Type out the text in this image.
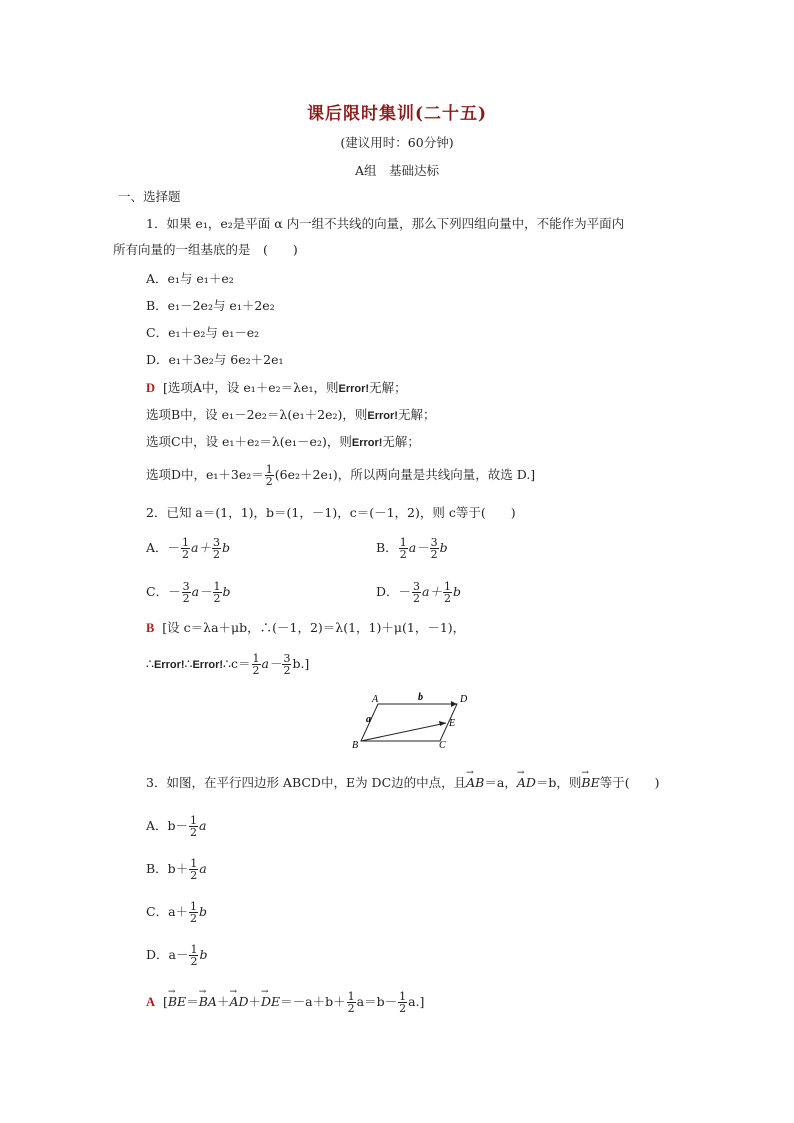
课后限时集训(二十五)
(建议用时：60分钟)
A组　基础达标
一、选择题
1．如果 e₁，e₂是平面 α 内一组不共线的向量，那么下列四组向量中，不能作为平面内
所有向量的一组基底的是　(　　)
A．e₁与 e₁＋e₂
B．e₁－2e₂与 e₁＋2e₂
C．e₁＋e₂与 e₁－e₂
D．e₁＋3e₂与 6e₂＋2e₁
D [选项A中，设 e₁＋e₂＝λe₁，则Error!无解；
选项B中，设 e₁－2e₂＝λ(e₁＋2e₂)，则Error!无解；
选项C中，设 e₁＋e₂＝λ(e₁－e₂)，则Error!无解；
选项D中，$e_1+3e_2= \frac{1}{2} (6e_2+2e_1)$，所以两向量是共线向量，故选 D.]
2．已知 a＝(1，1)，b＝(1，－1)，c＝(－1，2)，则 c等于(　　)
A．－ $\frac{1}{2} a+ \frac{3}{2}$ b	B． $\frac{1}{2} a- \frac{3}{2}$ b
C．－ $\frac{3}{2} a- \frac{1}{2}$ b	D．－ $\frac{3}{2} a+ \frac{1}{2}$ b
B [设 c＝λa＋μb，∴(－1，2)＝λ(1，1)＋μ(1，－1)，
∴Error!∴Error!∴c＝ $\frac{1}{2} a- \frac{3}{2} b$.]
A	D
E
B	C
b
a
3．如图，在平行四边形 ABCD中，E为 DC边的中点，且→ AB＝a，→ AD＝b，则→ BE等于(　　)
A．$b- \frac{1}{2}$ a
B．$b+ \frac{1}{2}$ a
C．$a+ \frac{1}{2}$ b
D．$a- \frac{1}{2}$ b
A [→ $BE=\to BA+\to AD+\to DE=-a+b+ \frac{1}{2} a=b- \frac{1}{2} a$.]
